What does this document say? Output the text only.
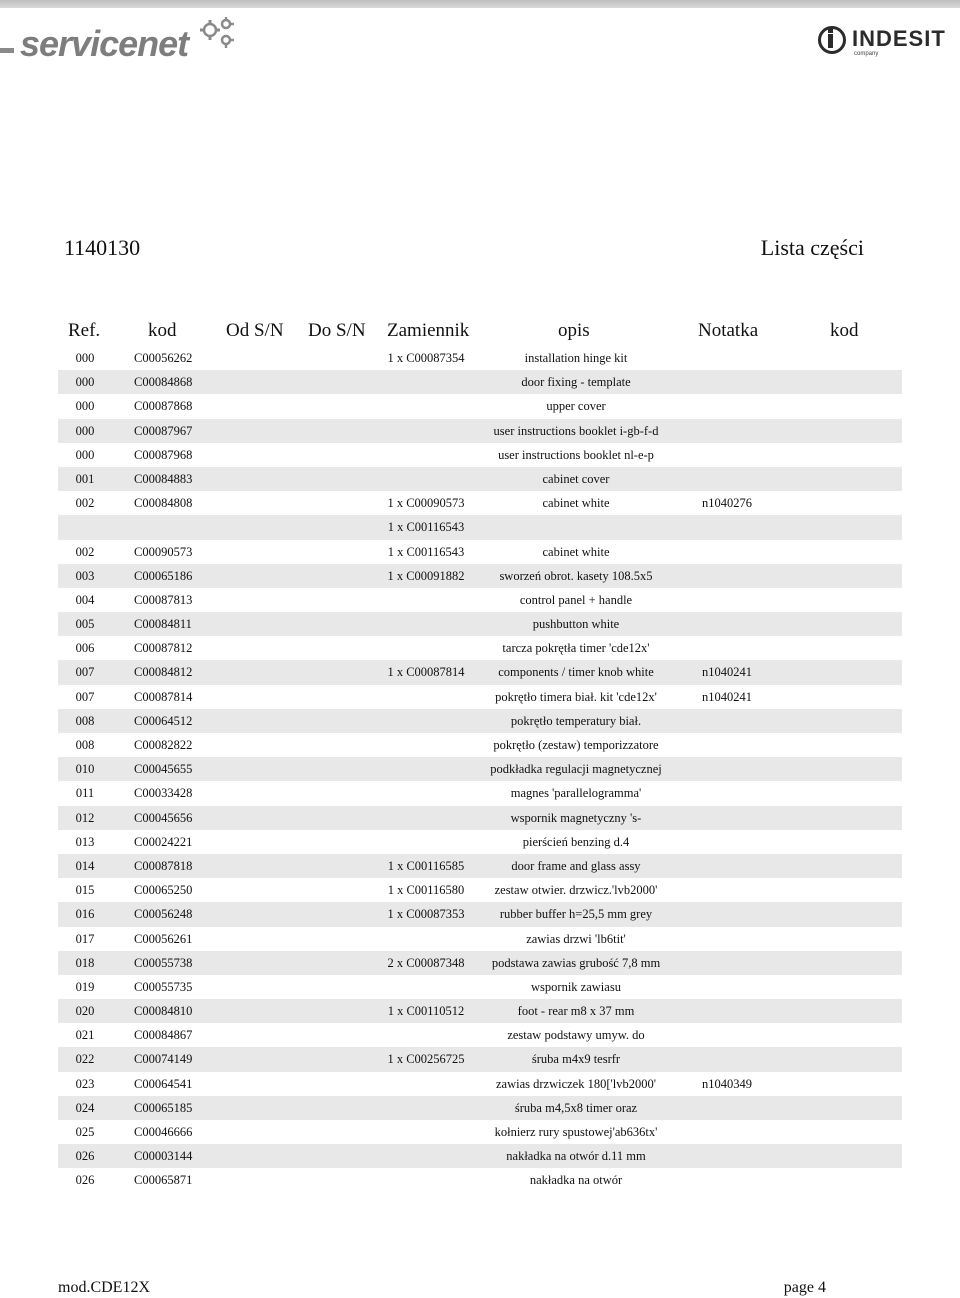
servicenet	INDESIT
company
1140130	Lista części
Ref.	kod	Od S/N Do S/N Zamiennik	opis	Notatka	kod
000	C00056262	1 x C00087354	installation hinge kit
000	C00084868	door fixing - template
000	C00087868	upper cover
000	C00087967	user instructions booklet i-gb-f-d
000	C00087968	user instructions booklet nl-e-p
001	C00084883	cabinet cover
002	C00084808	1 x C00090573	cabinet white	n1040276
1 x C00116543
002	C00090573	1 x C00116543	cabinet white
003	C00065186	1 x C00091882	sworzeń obrot. kasety 108.5x5
004	C00087813	control panel + handle
005	C00084811	pushbutton white
006	C00087812	tarcza pokrętła timer 'cde12x'
007	C00084812	1 x C00087814	components / timer knob white	n1040241
007	C00087814	pokrętło timera biał. kit 'cde12x'	n1040241
008	C00064512	pokrętło temperatury biał.
008	C00082822	pokrętło (zestaw) temporizzatore
010	C00045655	podkładka regulacji magnetycznej
011	C00033428	magnes 'parallelogramma'
012	C00045656	wspornik magnetyczny 's-
013	C00024221	pierścień benzing d.4
014	C00087818	1 x C00116585	door frame and glass assy
015	C00065250	1 x C00116580	zestaw otwier. drzwicz.'lvb2000'
016	C00056248	1 x C00087353	rubber buffer h=25,5 mm grey
017	C00056261	zawias drzwi 'lb6tit'
018	C00055738	2 x C00087348	podstawa zawias grubość 7,8 mm
019	C00055735	wspornik zawiasu
020	C00084810	1 x C00110512	foot - rear m8 x 37 mm
021	C00084867	zestaw podstawy umyw. do
022	C00074149	1 x C00256725	śruba m4x9 tesrfr
023	C00064541	zawias drzwiczek 180['lvb2000'	n1040349
024	C00065185	śruba m4,5x8 timer oraz
025	C00046666	kołnierz rury spustowej'ab636tx'
026	C00003144	nakładka na otwór d.11 mm
026	C00065871	nakładka na otwór
mod.CDE12X	page 4
